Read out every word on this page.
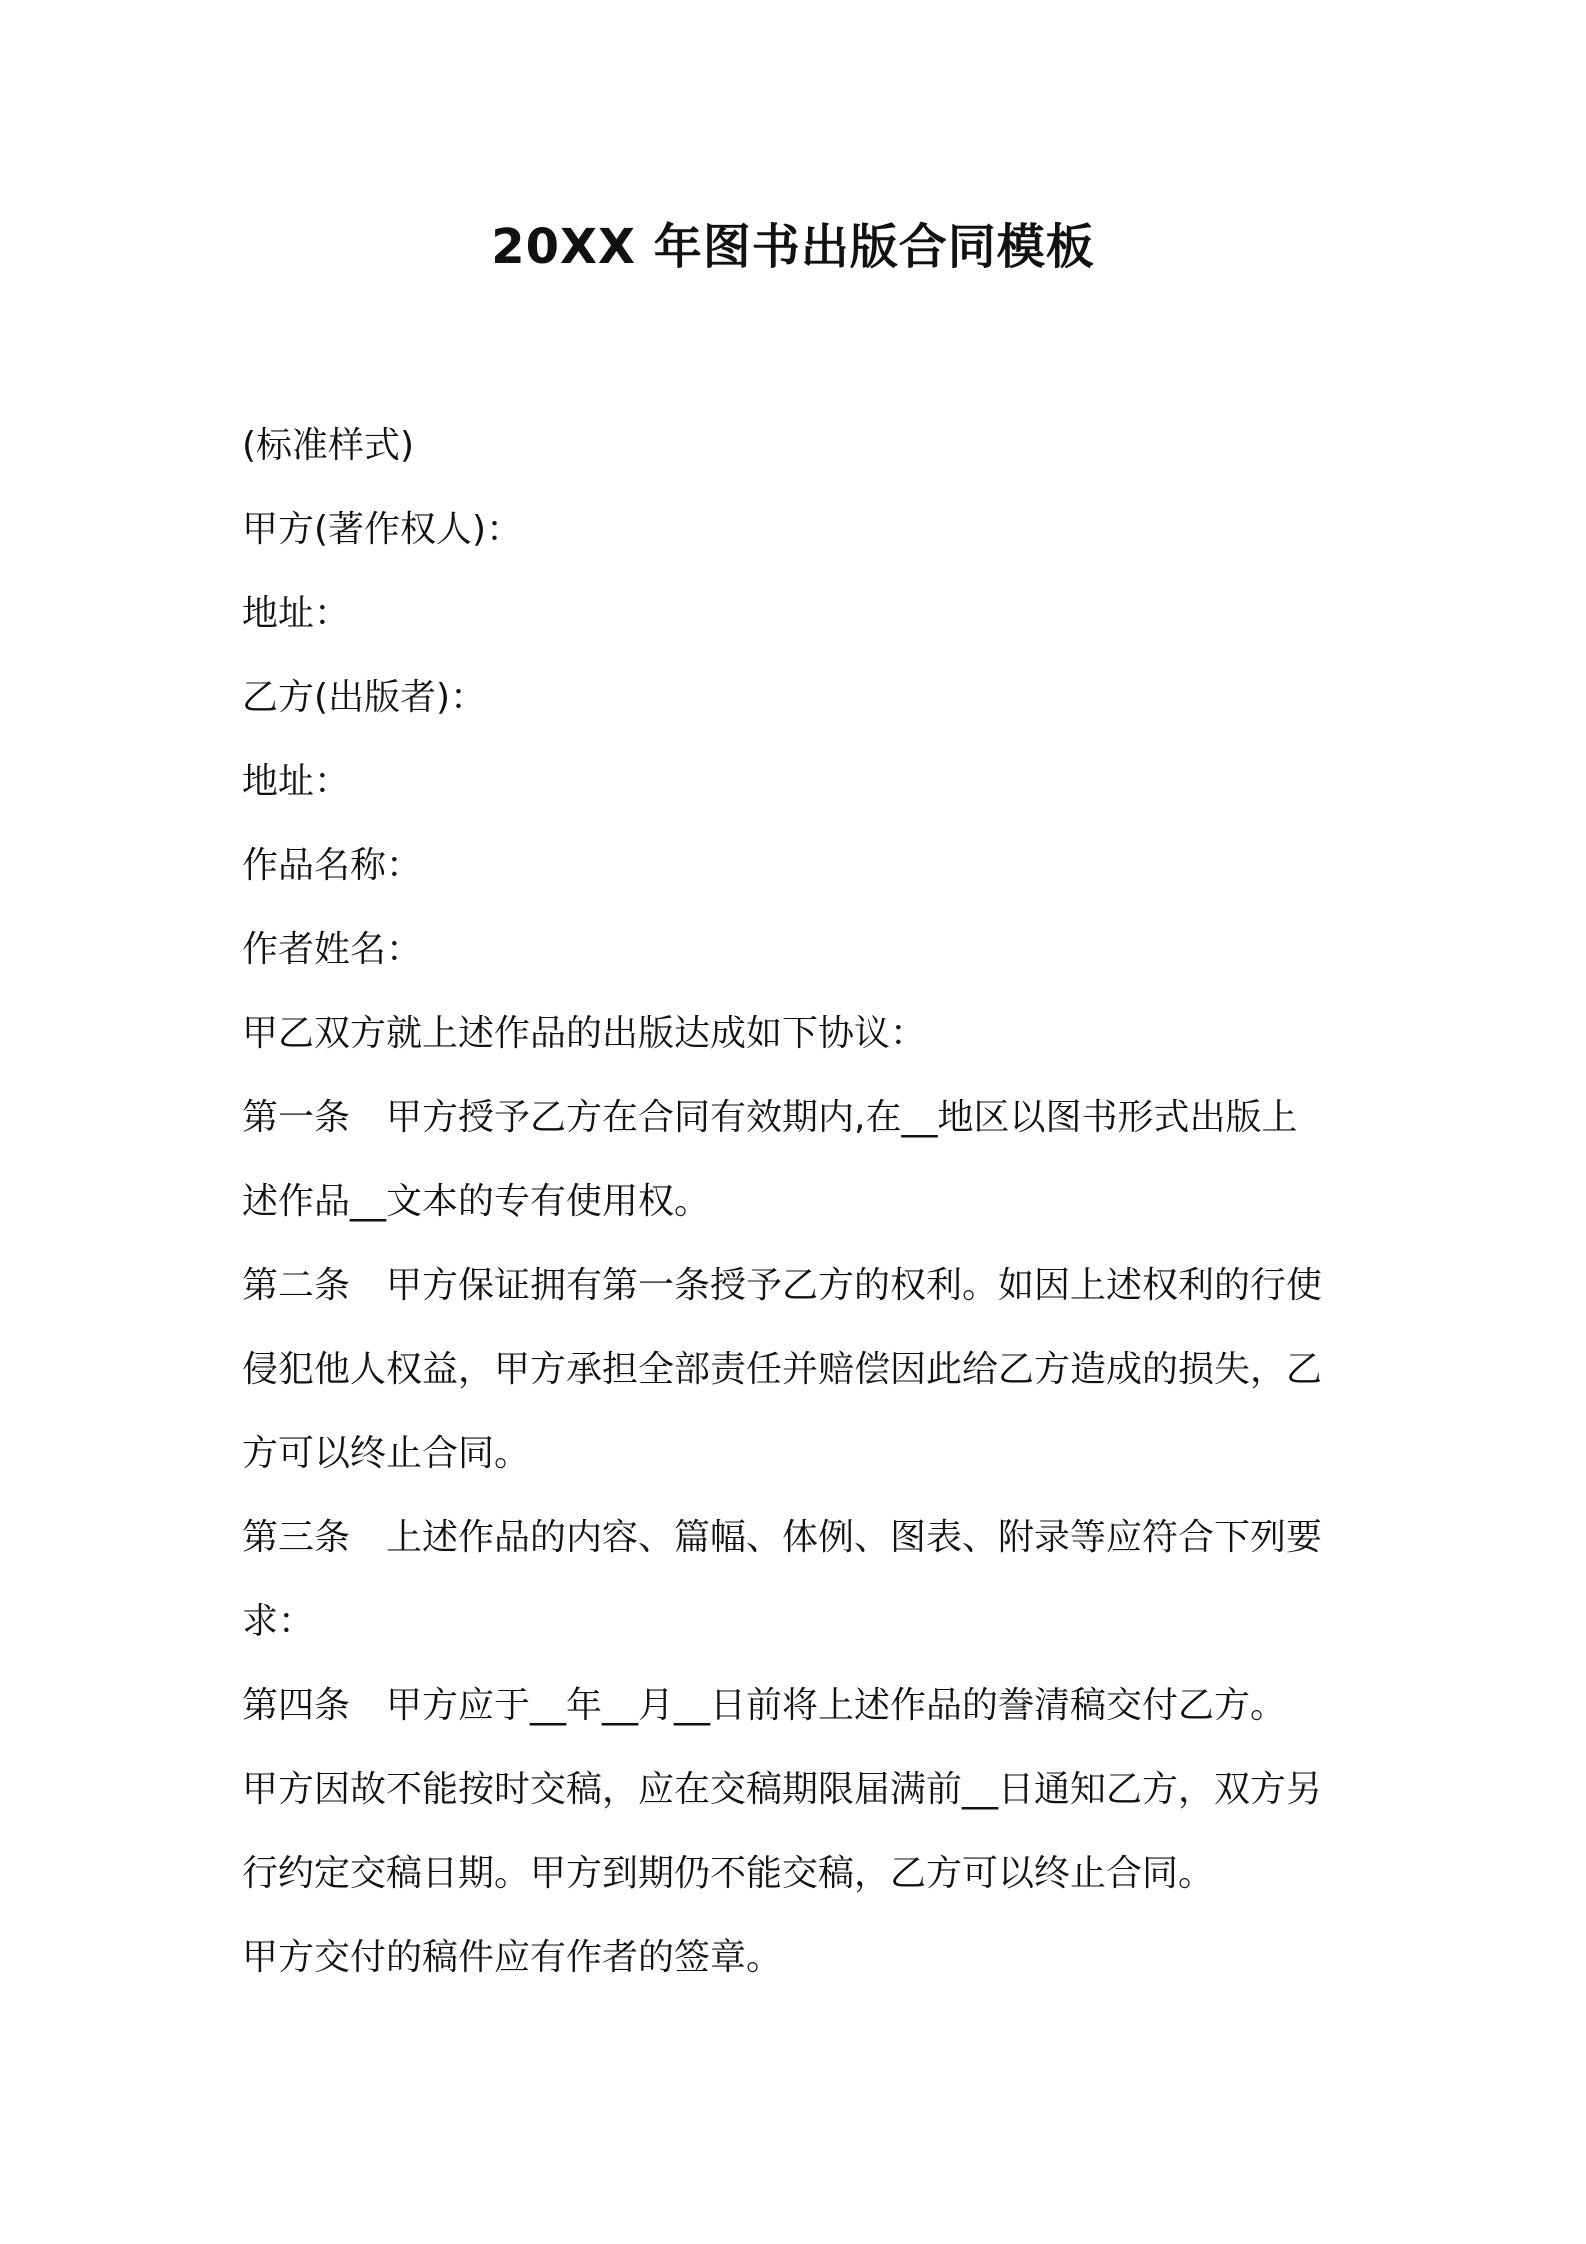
20XX 年图书出版合同模板
(标准样式)
甲方(著作权人)：
地址：
乙方(出版者)：
地址：
作品名称：
作者姓名：
甲乙双方就上述作品的出版达成如下协议：
第一条　甲方授予乙方在合同有效期内,在__地区以图书形式出版上
述作品__文本的专有使用权。
第二条　甲方保证拥有第一条授予乙方的权利。如因上述权利的行使
侵犯他人权益，甲方承担全部责任并赔偿因此给乙方造成的损失，乙
方可以终止合同。
第三条　上述作品的内容、篇幅、体例、图表、附录等应符合下列要
求：
第四条　甲方应于__年__月__日前将上述作品的誊清稿交付乙方。
甲方因故不能按时交稿，应在交稿期限届满前__日通知乙方，双方另
行约定交稿日期。甲方到期仍不能交稿，乙方可以终止合同。
甲方交付的稿件应有作者的签章。
